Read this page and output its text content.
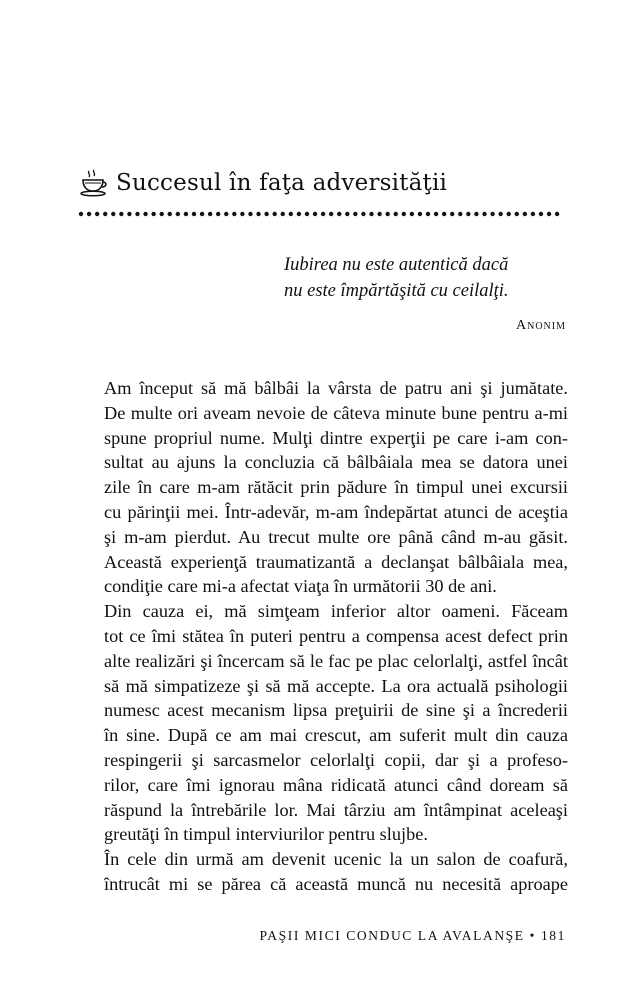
Succesul în faţa adversităţii
Iubirea nu este autentică dacă
nu este împărtăşită cu ceilalţi.
Anonim

Am început să mă bâlbâi la vârsta de patru ani şi jumătate.
De multe ori aveam nevoie de câteva minute bune pentru a-mi
spune propriul nume. Mulţi dintre experţii pe care i-am con-
sultat au ajuns la concluzia că bâlbâiala mea se datora unei
zile în care m-am rătăcit prin pădure în timpul unei excursii
cu părinţii mei. Într-adevăr, m-am îndepărtat atunci de aceştia
şi m-am pierdut. Au trecut multe ore până când m-au găsit.
Această experienţă traumatizantă a declanşat bâlbâiala mea,
condiţie care mi-a afectat viaţa în următorii 30 de ani.

Din cauza ei, mă simţeam inferior altor oameni. Făceam
tot ce îmi stătea în puteri pentru a compensa acest defect prin
alte realizări şi încercam să le fac pe plac celorlalţi, astfel încât
să mă simpatizeze şi să mă accepte. La ora actuală psihologii
numesc acest mecanism lipsa preţuirii de sine şi a încrederii
în sine. După ce am mai crescut, am suferit mult din cauza
respingerii şi sarcasmelor celorlalţi copii, dar şi a profeso-
rilor, care îmi ignorau mâna ridicată atunci când doream să
răspund la întrebările lor. Mai târziu am întâmpinat aceleaşi
greutăţi în timpul interviurilor pentru slujbe.

În cele din urmă am devenit ucenic la un salon de coafură,
întrucât mi se părea că această muncă nu necesită aproape

PAŞII MICI CONDUC LA AVALANŞE • 181
